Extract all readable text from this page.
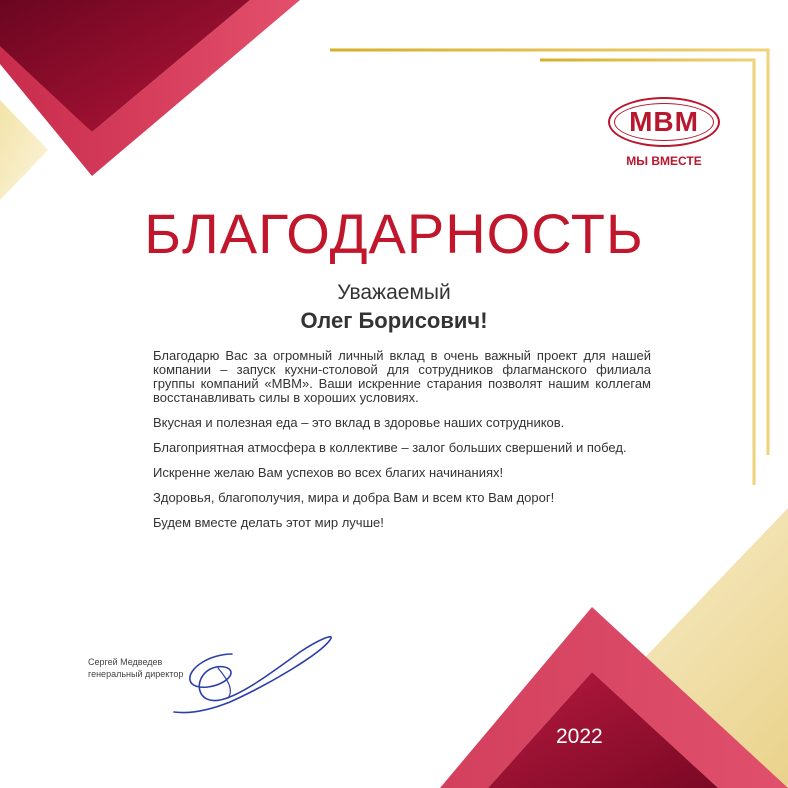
МВМ
МЫ ВМЕСТЕ
БЛАГОДАРНОСТЬ
Уважаемый
Олег Борисович!

Благодарю Вас за огромный личный вклад в очень важный проект для нашей компании – запуск кухни-столовой для сотрудников флагманского филиала группы компаний «МВМ». Ваши искренние старания позволят нашим коллегам восстанавливать силы в хороших условиях.

Вкусная и полезная еда – это вклад в здоровье наших сотрудников.

Благоприятная атмосфера в коллективе – залог больших свершений и побед.

Искренне желаю Вам успехов во всех благих начинаниях!

Здоровья, благополучия, мира и добра Вам и всем кто Вам дорог!

Будем вместе делать этот мир лучше!

Сергей Медведев
генеральный директор
2022
